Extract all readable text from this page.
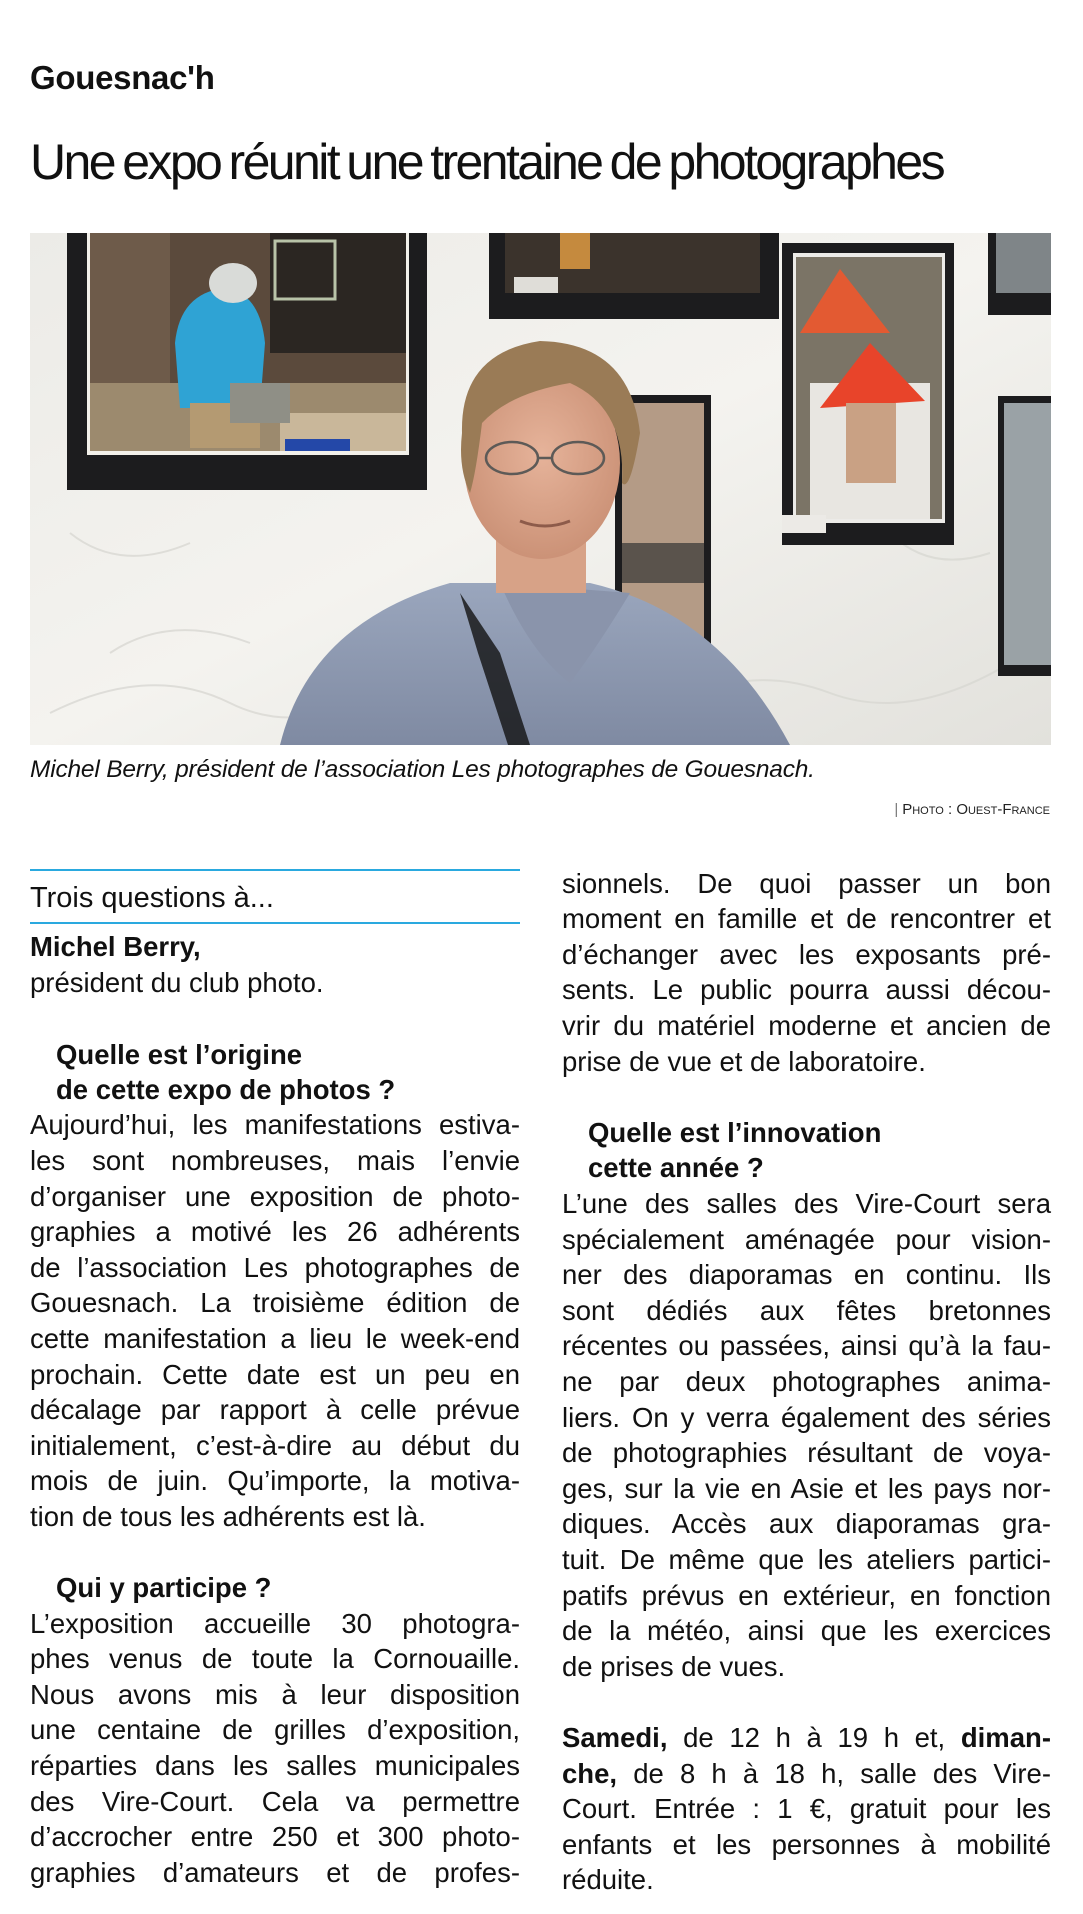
Gouesnac'h
Une expo réunit une trentaine de photographes
Michel Berry, président de l’association Les photographes de Gouesnach.
| Photo : Ouest-France
Trois questions à...
Michel Berry,
président du club photo.
Quelle est l’origine
de cette expo de photos ?
Aujourd’hui, les manifestations estiva-
les sont nombreuses, mais l’envie
d’organiser une exposition de photo-
graphies a motivé les 26 adhérents
de l’association Les photographes de
Gouesnach. La troisième édition de
cette manifestation a lieu le week-end
prochain. Cette date est un peu en
décalage par rapport à celle prévue
initialement, c’est-à-dire au début du
mois de juin. Qu’importe, la motiva-
tion de tous les adhérents est là.
Qui y participe ?
L’exposition accueille 30 photogra-
phes venus de toute la Cornouaille.
Nous avons mis à leur disposition
une centaine de grilles d’exposition,
réparties dans les salles municipales
des Vire-Court. Cela va permettre
d’accrocher entre 250 et 300 photo-
graphies d’amateurs et de profes-
sionnels. De quoi passer un bon
moment en famille et de rencontrer et
d’échanger avec les exposants pré-
sents. Le public pourra aussi décou-
vrir du matériel moderne et ancien de
prise de vue et de laboratoire.
Quelle est l’innovation
cette année ?
L’une des salles des Vire-Court sera
spécialement aménagée pour vision-
ner des diaporamas en continu. Ils
sont dédiés aux fêtes bretonnes
récentes ou passées, ainsi qu’à la fau-
ne par deux photographes anima-
liers. On y verra également des séries
de photographies résultant de voya-
ges, sur la vie en Asie et les pays nor-
diques. Accès aux diaporamas gra-
tuit. De même que les ateliers partici-
patifs prévus en extérieur, en fonction
de la météo, ainsi que les exercices
de prises de vues.
Samedi, de 12 h à 19 h et, diman-
che, de 8 h à 18 h, salle des Vire-
Court. Entrée : 1 €, gratuit pour les
enfants et les personnes à mobilité
réduite.
